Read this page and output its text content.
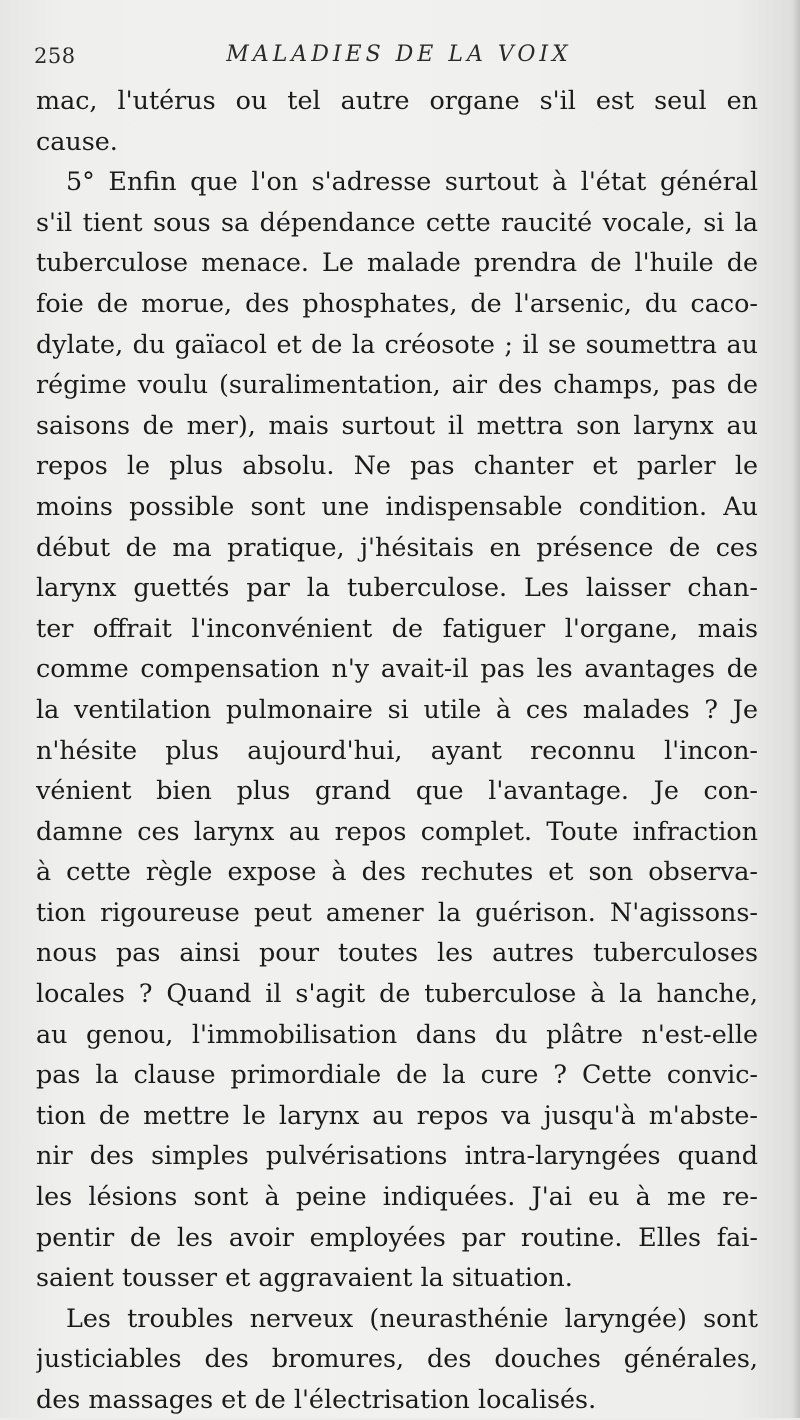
258	MALADIES DE LA VOIX
mac, l'utérus ou tel autre organe s'il est seul en
cause.
5° Enfin que l'on s'adresse surtout à l'état général
s'il tient sous sa dépendance cette raucité vocale, si la
tuberculose menace. Le malade prendra de l'huile de
foie de morue, des phosphates, de l'arsenic, du caco-
dylate, du gaïacol et de la créosote ; il se soumettra au
régime voulu (suralimentation, air des champs, pas de
saisons de mer), mais surtout il mettra son larynx au
repos le plus absolu. Ne pas chanter et parler le
moins possible sont une indispensable condition. Au
début de ma pratique, j'hésitais en présence de ces
larynx guettés par la tuberculose. Les laisser chan-
ter offrait l'inconvénient de fatiguer l'organe, mais
comme compensation n'y avait-il pas les avantages de
la ventilation pulmonaire si utile à ces malades ? Je
n'hésite plus aujourd'hui, ayant reconnu l'incon-
vénient bien plus grand que l'avantage. Je con-
damne ces larynx au repos complet. Toute infraction
à cette règle expose à des rechutes et son observa-
tion rigoureuse peut amener la guérison. N'agissons-
nous pas ainsi pour toutes les autres tuberculoses
locales ? Quand il s'agit de tuberculose à la hanche,
au genou, l'immobilisation dans du plâtre n'est-elle
pas la clause primordiale de la cure ? Cette convic-
tion de mettre le larynx au repos va jusqu'à m'abste-
nir des simples pulvérisations intra-laryngées quand
les lésions sont à peine indiquées. J'ai eu à me re-
pentir de les avoir employées par routine. Elles fai-
saient tousser et aggravaient la situation.
Les troubles nerveux (neurasthénie laryngée) sont
justiciables des bromures, des douches générales,
des massages et de l'électrisation localisés.
